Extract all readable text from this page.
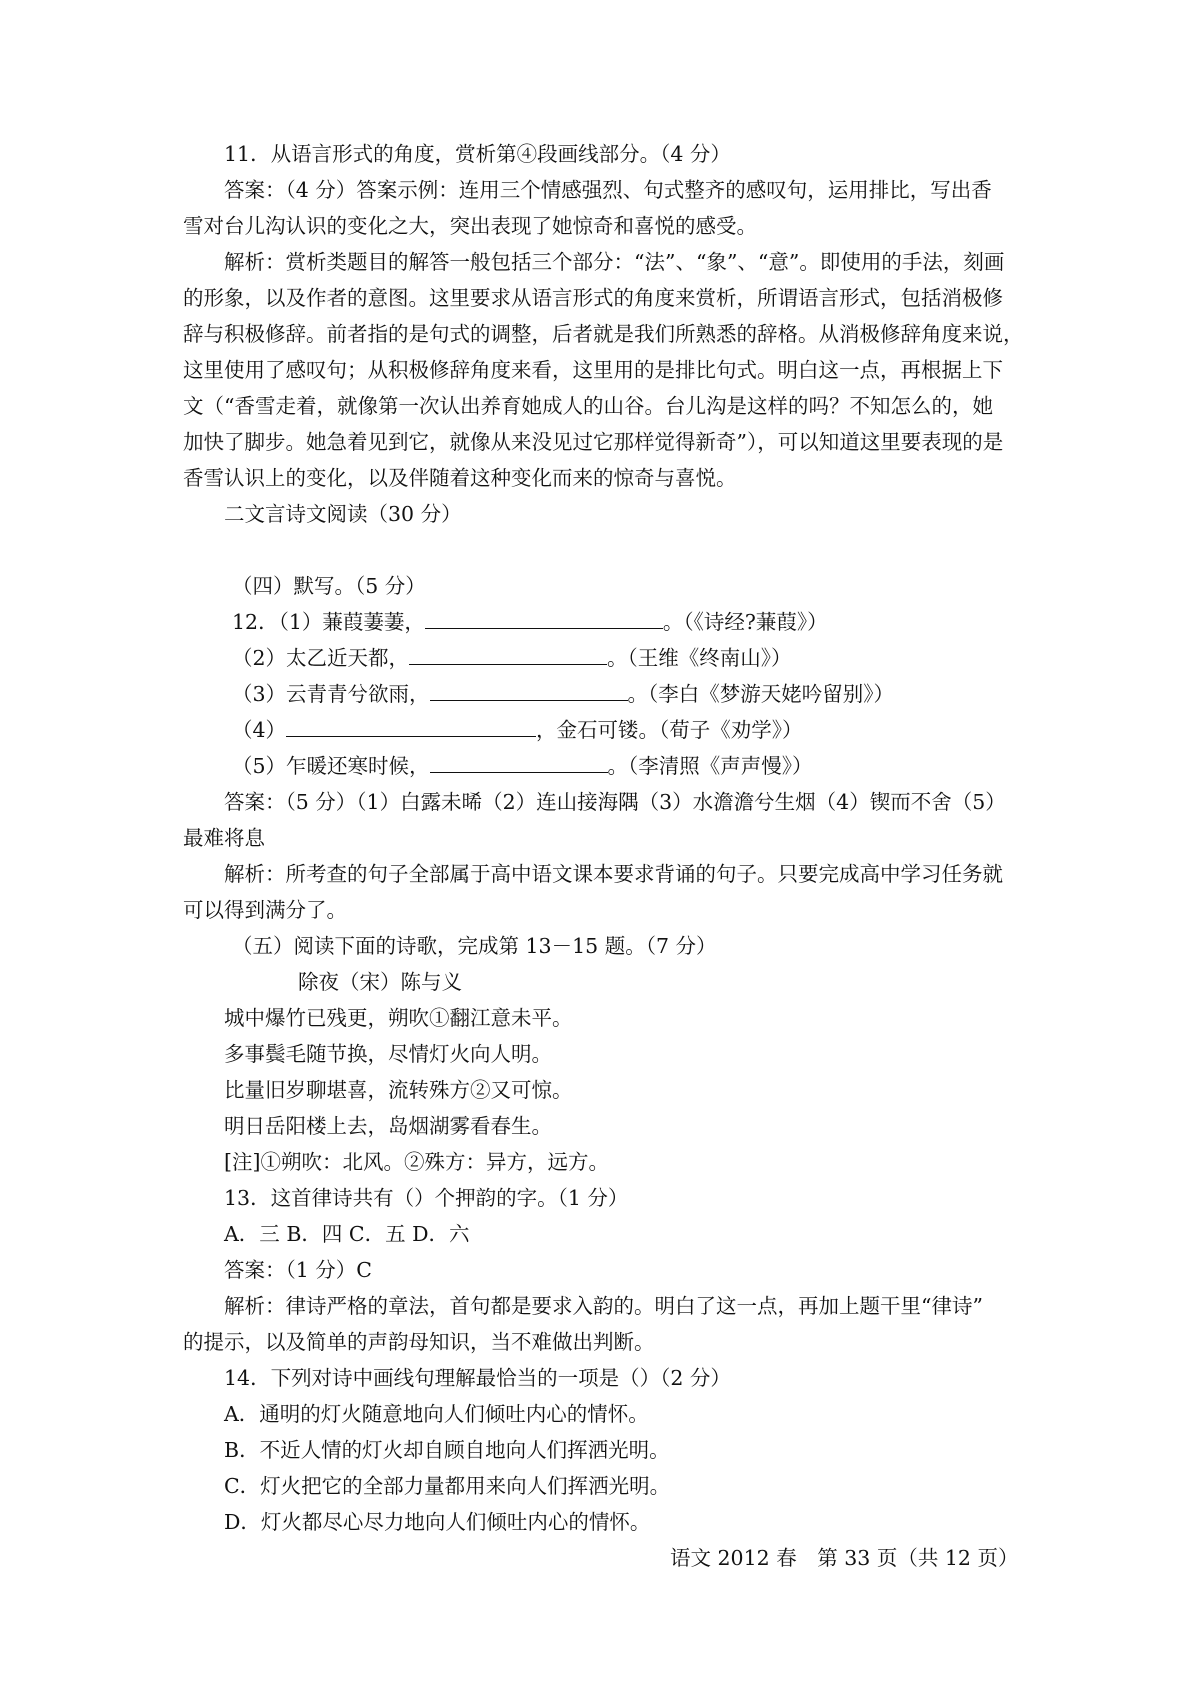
11．从语言形式的角度，赏析第④段画线部分。（4 分）
答案：（4 分）答案示例：连用三个情感强烈、句式整齐的感叹句，运用排比，写出香
雪对台儿沟认识的变化之大，突出表现了她惊奇和喜悦的感受。
解析：赏析类题目的解答一般包括三个部分：“法”、“象”、“意”。即使用的手法，刻画
的形象，以及作者的意图。这里要求从语言形式的角度来赏析，所谓语言形式，包括消极修
辞与积极修辞。前者指的是句式的调整，后者就是我们所熟悉的辞格。从消极修辞角度来说，
这里使用了感叹句；从积极修辞角度来看，这里用的是排比句式。明白这一点，再根据上下
文（“香雪走着，就像第一次认出养育她成人的山谷。台儿沟是这样的吗？不知怎么的，她
加快了脚步。她急着见到它，就像从来没见过它那样觉得新奇”），可以知道这里要表现的是
香雪认识上的变化，以及伴随着这种变化而来的惊奇与喜悦。
二文言诗文阅读（30 分）
（四）默写。（5 分）
12．（1）蒹葭萋萋，	。（《诗经?蒹葭》）
（2）太乙近天都，	。（王维《终南山》）
（3）云青青兮欲雨，	。（李白《梦游天姥吟留别》）
（4）	，金石可镂。（荀子《劝学》）
（5）乍暖还寒时候，	。（李清照《声声慢》）
答案：（5 分）（1）白露未晞（2）连山接海隅（3）水澹澹兮生烟（4）锲而不舍（5）
最难将息
解析：所考查的句子全部属于高中语文课本要求背诵的句子。只要完成高中学习任务就
可以得到满分了。
（五）阅读下面的诗歌，完成第 13－15 题。（7 分）
除夜（宋）陈与义
城中爆竹已残更，朔吹①翻江意未平。
多事鬓毛随节换，尽情灯火向人明。
比量旧岁聊堪喜，流转殊方②又可惊。
明日岳阳楼上去，岛烟湖雾看春生。
[注]①朔吹：北风。②殊方：异方，远方。
13．这首律诗共有（）个押韵的字。（1 分）
A．三 B．四 C．五 D．六
答案：（1 分）C
解析：律诗严格的章法，首句都是要求入韵的。明白了这一点，再加上题干里“律诗”
的提示，以及简单的声韵母知识，当不难做出判断。
14．下列对诗中画线句理解最恰当的一项是（）（2 分）
A．通明的灯火随意地向人们倾吐内心的情怀。
B．不近人情的灯火却自顾自地向人们挥洒光明。
C．灯火把它的全部力量都用来向人们挥洒光明。
D．灯火都尽心尽力地向人们倾吐内心的情怀。
语文 2012 春　第 33 页（共 12 页）
